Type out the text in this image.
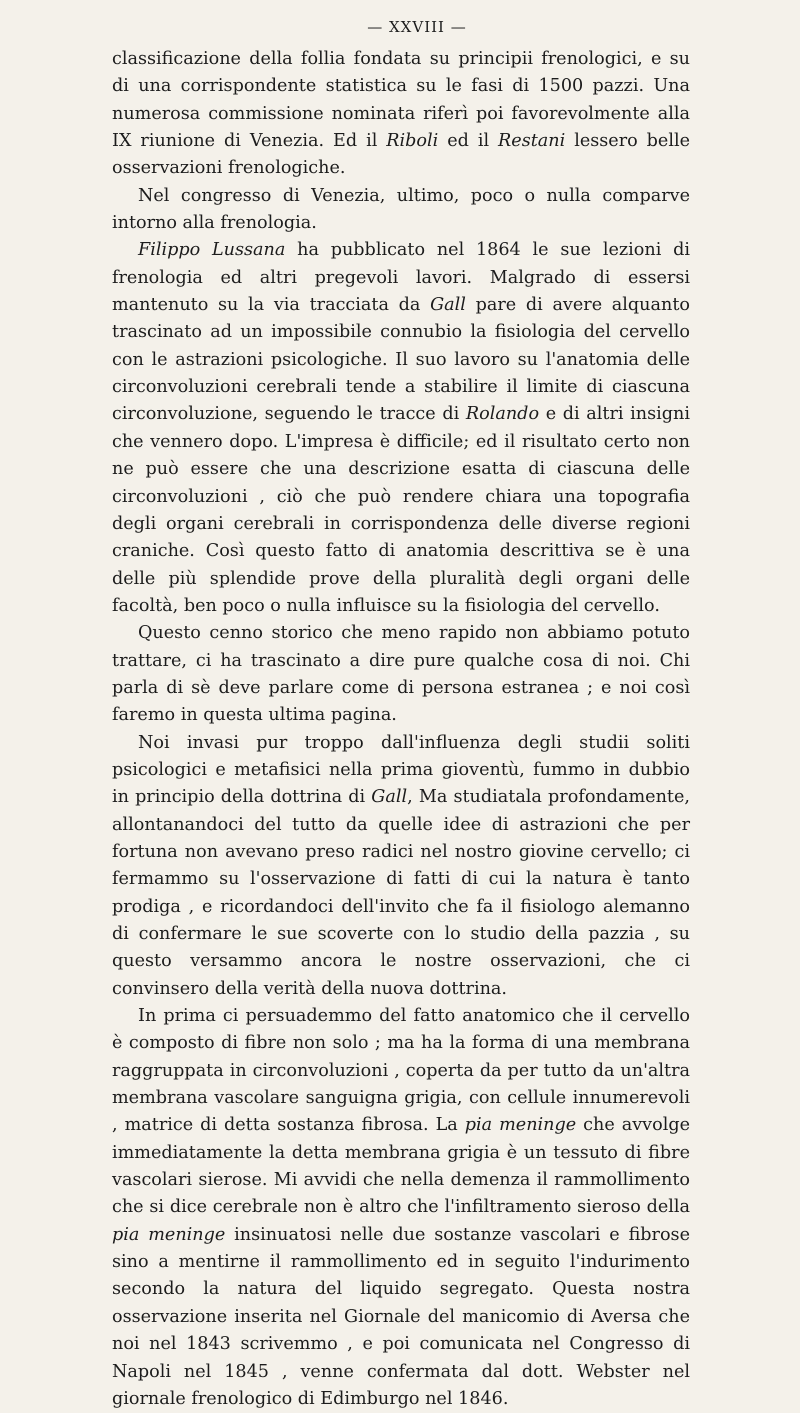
— XXVIII —

classificazione della follia fondata su principii frenologici, e su di una corrispondente statistica su le fasi di 1500 pazzi. Una numerosa commissione nominata riferì poi favorevolmente alla IX riunione di Venezia. Ed il Riboli ed il Restani lessero belle osservazioni frenologiche.

Nel congresso di Venezia, ultimo, poco o nulla comparve intorno alla frenologia.

Filippo Lussana ha pubblicato nel 1864 le sue lezioni di frenologia ed altri pregevoli lavori. Malgrado di essersi mantenuto su la via tracciata da Gall pare di avere alquanto trascinato ad un impossibile connubio la fisiologia del cervello con le astrazioni psicologiche. Il suo lavoro su l'anatomia delle circonvoluzioni cerebrali tende a stabilire il limite di ciascuna circonvoluzione, seguendo le tracce di Rolando e di altri insigni che vennero dopo. L'impresa è difficile; ed il risultato certo non ne può essere che una descrizione esatta di ciascuna delle circonvoluzioni , ciò che può rendere chiara una topografia degli organi cerebrali in corrispondenza delle diverse regioni craniche. Così questo fatto di anatomia descrittiva se è una delle più splendide prove della pluralità degli organi delle facoltà, ben poco o nulla influisce su la fisiologia del cervello.

Questo cenno storico che meno rapido non abbiamo potuto trattare, ci ha trascinato a dire pure qualche cosa di noi. Chi parla di sè deve parlare come di persona estranea ; e noi così faremo in questa ultima pagina.

Noi invasi pur troppo dall'influenza degli studii soliti psicologici e metafisici nella prima gioventù, fummo in dubbio in principio della dottrina di Gall, Ma studiatala profondamente, allontanandoci del tutto da quelle idee di astrazioni che per fortuna non avevano preso radici nel nostro giovine cervello; ci fermammo su l'osservazione di fatti di cui la natura è tanto prodiga , e ricordandoci dell'invito che fa il fisiologo alemanno di confermare le sue scoverte con lo studio della pazzia , su questo versammo ancora le nostre osservazioni, che ci convinsero della verità della nuova dottrina.

In prima ci persuademmo del fatto anatomico che il cervello è composto di fibre non solo ; ma ha la forma di una membrana raggruppata in circonvoluzioni , coperta da per tutto da un'altra membrana vascolare sanguigna grigia, con cellule innumerevoli , matrice di detta sostanza fibrosa. La pia meninge che avvolge immediatamente la detta membrana grigia è un tessuto di fibre vascolari sierose. Mi avvidi che nella demenza il rammollimento che si dice cerebrale non è altro che l'infiltramento sieroso della pia meninge insinuatosi nelle due sostanze vascolari e fibrose sino a mentirne il rammollimento ed in seguito l'indurimento secondo la natura del liquido segregato. Questa nostra osservazione inserita nel Giornale del manicomio di Aversa che noi nel 1843 scrivemmo , e poi comunicata nel Congresso di Napoli nel 1845 , venne confermata dal dott. Webster nel giornale frenologico di Edimburgo nel 1846.
